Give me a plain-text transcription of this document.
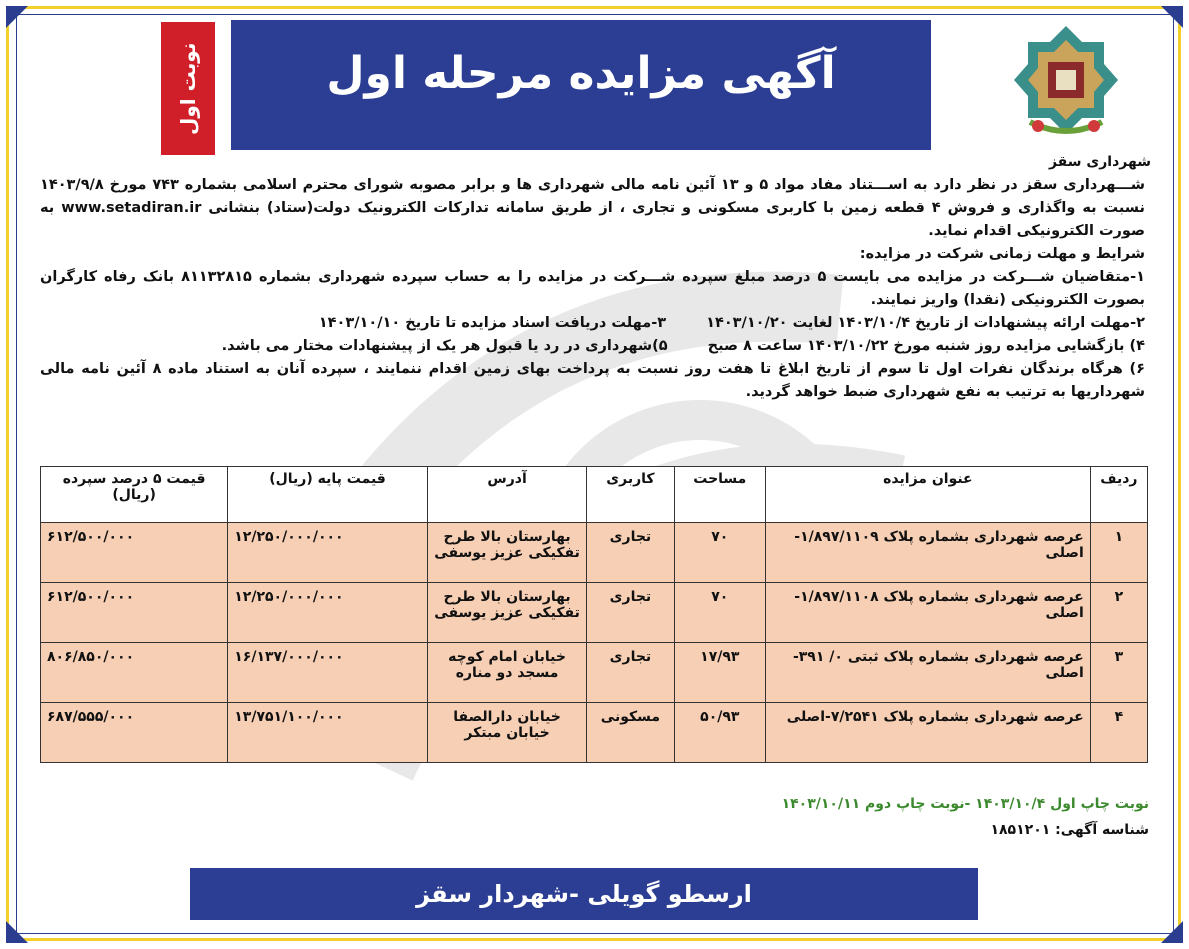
شهرداری سقز
آگهی مزایده مرحله اول
نوبت اول

شـــهرداری سقز در نظر دارد به اســـتناد مفاد مواد ۵ و ۱۳ آئین نامه مالی شهرداری ها و برابر مصوبه شورای محترم اسلامی بشماره ۷۴۳ مورخ ۱۴۰۳/۹/۸ نسبت به واگذاری و فروش ۴ قطعه زمین با کاربری مسکونی و تجاری ، از طریق سامانه تدارکات الکترونیک دولت(ستاد) بنشانی www.setadiran.ir به صورت الکترونیکی اقدام نماید.

شرایط و مهلت زمانی شرکت در مزایده:

۱-متقاضیان شـــرکت در مزایده می بایست ۵ درصد مبلغ سپرده شـــرکت در مزایده را به حساب سپرده شهرداری بشماره ۸۱۱۳۲۸۱۵ بانک رفاه کارگران بصورت الکترونیکی (نقدا) واریز نمایند.

۲-مهلت ارائه پیشنهادات از تاریخ ۱۴۰۳/۱۰/۴ لغایت ۱۴۰۳/۱۰/۲۰
۳-مهلت دریافت اسناد مزایده تا تاریخ ۱۴۰۳/۱۰/۱۰
۴) بازگشایی مزایده روز شنبه مورخ ۱۴۰۳/۱۰/۲۲ ساعت ۸ صبح
۵)شهرداری در رد یا قبول هر یک از پیشنهادات مختار می باشد.

۶) هرگاه برندگان نفرات اول تا سوم از تاریخ ابلاغ تا هفت روز نسبت به پرداخت بهای زمین اقدام ننمایند ، سپرده آنان به استناد ماده ۸ آئین نامه مالی شهرداریها به ترتیب به نفع شهرداری ضبط خواهد گردید.

ردیف	عنوان مزایده	مساحت	کاربری	آدرس	قیمت پایه (ریال)	قیمت ۵ درصد سپرده (ریال)
۱	عرصه شهرداری بشماره پلاک ۱/۸۹۷/۱۱۰۹-اصلی	۷۰	تجاری	بهارستان بالا طرح تفکیکی عزیز یوسفی	۱۲/۲۵۰/۰۰۰/۰۰۰	۶۱۲/۵۰۰/۰۰۰
۲	عرصه شهرداری بشماره پلاک ۱/۸۹۷/۱۱۰۸-اصلی	۷۰	تجاری	بهارستان بالا طرح تفکیکی عزیز یوسفی	۱۲/۲۵۰/۰۰۰/۰۰۰	۶۱۲/۵۰۰/۰۰۰
۳	عرصه شهرداری بشماره پلاک ثبتی ۰/ ۳۹۱-اصلی	۱۷/۹۳	تجاری	خیابان امام کوچه مسجد دو مناره	۱۶/۱۳۷/۰۰۰/۰۰۰	۸۰۶/۸۵۰/۰۰۰
۴	عرصه شهرداری بشماره پلاک ۷/۲۵۴۱-اصلی	۵۰/۹۳	مسکونی	خیابان دارالصفا خیابان مبتکر	۱۳/۷۵۱/۱۰۰/۰۰۰	۶۸۷/۵۵۵/۰۰۰
نوبت چاپ اول ۱۴۰۳/۱۰/۴ -نوبت چاپ دوم ۱۴۰۳/۱۰/۱۱
شناسه آگهی: ۱۸۵۱۲۰۱
ارسطو گویلی -شهردار سقز
